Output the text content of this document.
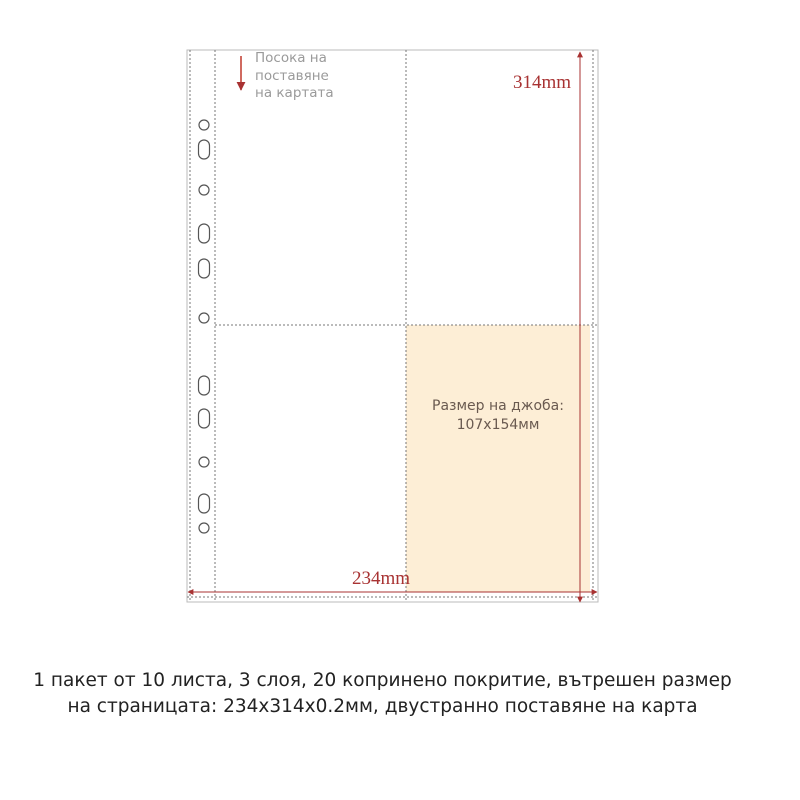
Посока на
поставяне
на картата
Размер на джоба:
107x154мм
314mm
234mm
1 пакет от 10 листа, 3 слоя, 20 копринено покритие, вътрешен размер
на страницата: 234x314x0.2мм, двустранно поставяне на карта
